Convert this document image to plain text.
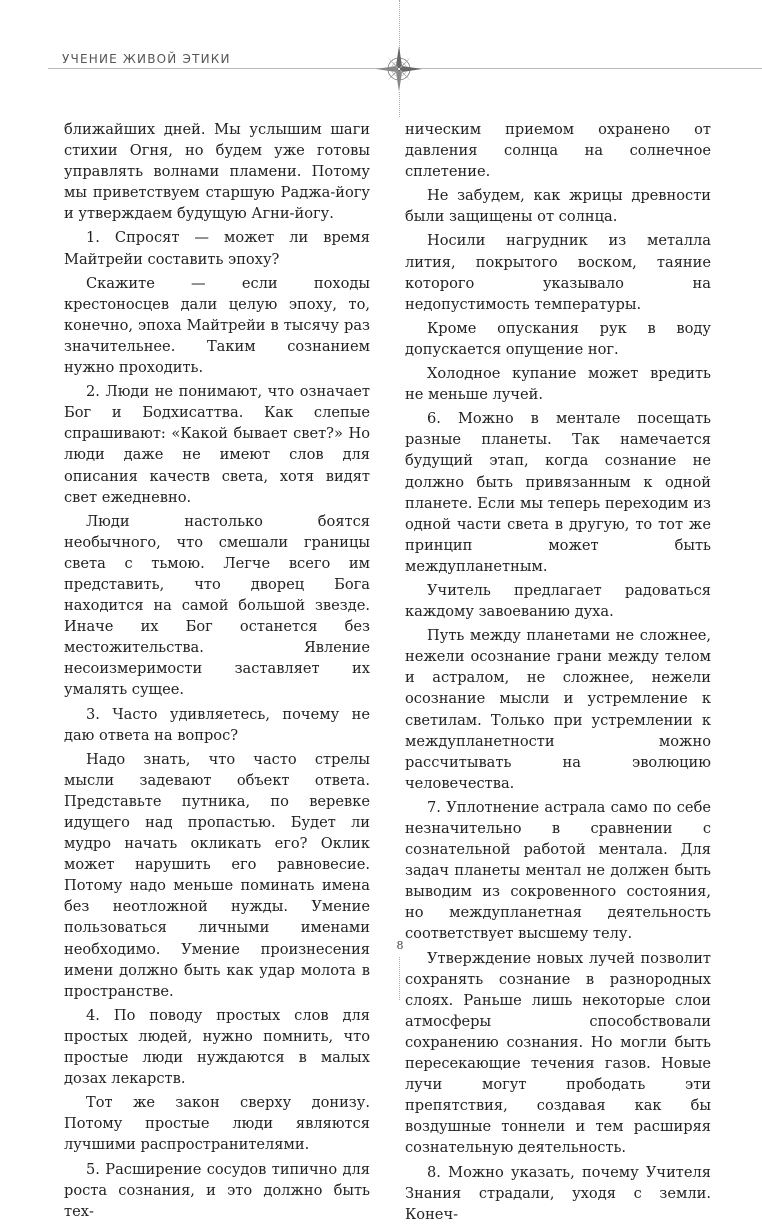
УЧЕНИЕ ЖИВОЙ ЭТИКИ

ближайших дней. Мы услышим шаги стихии Огня, но будем уже готовы управлять волнами пламени. Потому мы приветствуем старшую Раджа-йогу и утверждаем будущую Агни-йогу.

1. Спросят — может ли время Майтрейи составить эпоху?

Скажите — если походы крестоносцев дали целую эпоху, то, конечно, эпоха Майтрейи в тысячу раз значительнее. Таким сознанием нужно проходить.

2. Люди не понимают, что означает Бог и Бодхисаттва. Как слепые спрашивают: «Какой бывает свет?» Но люди даже не имеют слов для описания качеств света, хотя видят свет ежедневно.

Люди настолько боятся необычного, что смешали границы света с тьмою. Легче всего им представить, что дворец Бога находится на самой большой звезде. Иначе их Бог останется без местожительства. Явление несоизмеримости заставляет их умалять сущее.

3. Часто удивляетесь, почему не даю ответа на вопрос?

Надо знать, что часто стрелы мысли задевают объект ответа. Представьте путника, по веревке идущего над пропастью. Будет ли мудро начать окликать его? Оклик может нарушить его равновесие. Потому надо меньше поминать имена без неотложной нужды. Умение пользоваться личными именами необходимо. Умение произнесения имени должно быть как удар молота в пространстве.

4. По поводу простых слов для простых людей, нужно помнить, что простые люди нуждаются в малых дозах лекарств.

Тот же закон сверху донизу. Потому простые люди являются лучшими распространителями.

5. Расширение сосудов типично для роста сознания, и это должно быть тех-

ническим приемом охранено от давления солнца на солнечное сплетение.

Не забудем, как жрицы древности были защищены от солнца.

Носили нагрудник из металла лития, покрытого воском, таяние которого указывало на недопустимость температуры.

Кроме опускания рук в воду допускается опущение ног.

Холодное купание может вредить не меньше лучей.

6. Можно в ментале посещать разные планеты. Так намечается будущий этап, когда сознание не должно быть привязанным к одной планете. Если мы теперь переходим из одной части света в другую, то тот же принцип может быть междупланетным.

Учитель предлагает радоваться каждому завоеванию духа.

Путь между планетами не сложнее, нежели осознание грани между телом и астралом, не сложнее, нежели осознание мысли и устремление к светилам. Только при устремлении к междупланетности можно рассчитывать на эволюцию человечества.

7. Уплотнение астрала само по себе незначительно в сравнении с сознательной работой ментала. Для задач планеты ментал не должен быть выводим из сокровенного состояния, но междупланетная деятельность соответствует высшему телу.

Утверждение новых лучей позволит сохранять сознание в разнородных слоях. Раньше лишь некоторые слои атмосферы способствовали сохранению сознания. Но могли быть пересекающие течения газов. Новые лучи могут прободать эти препятствия, создавая как бы воздушные тоннели и тем расширяя сознательную деятельность.

8. Можно указать, почему Учителя Знания страдали, уходя с земли. Конеч-

8
